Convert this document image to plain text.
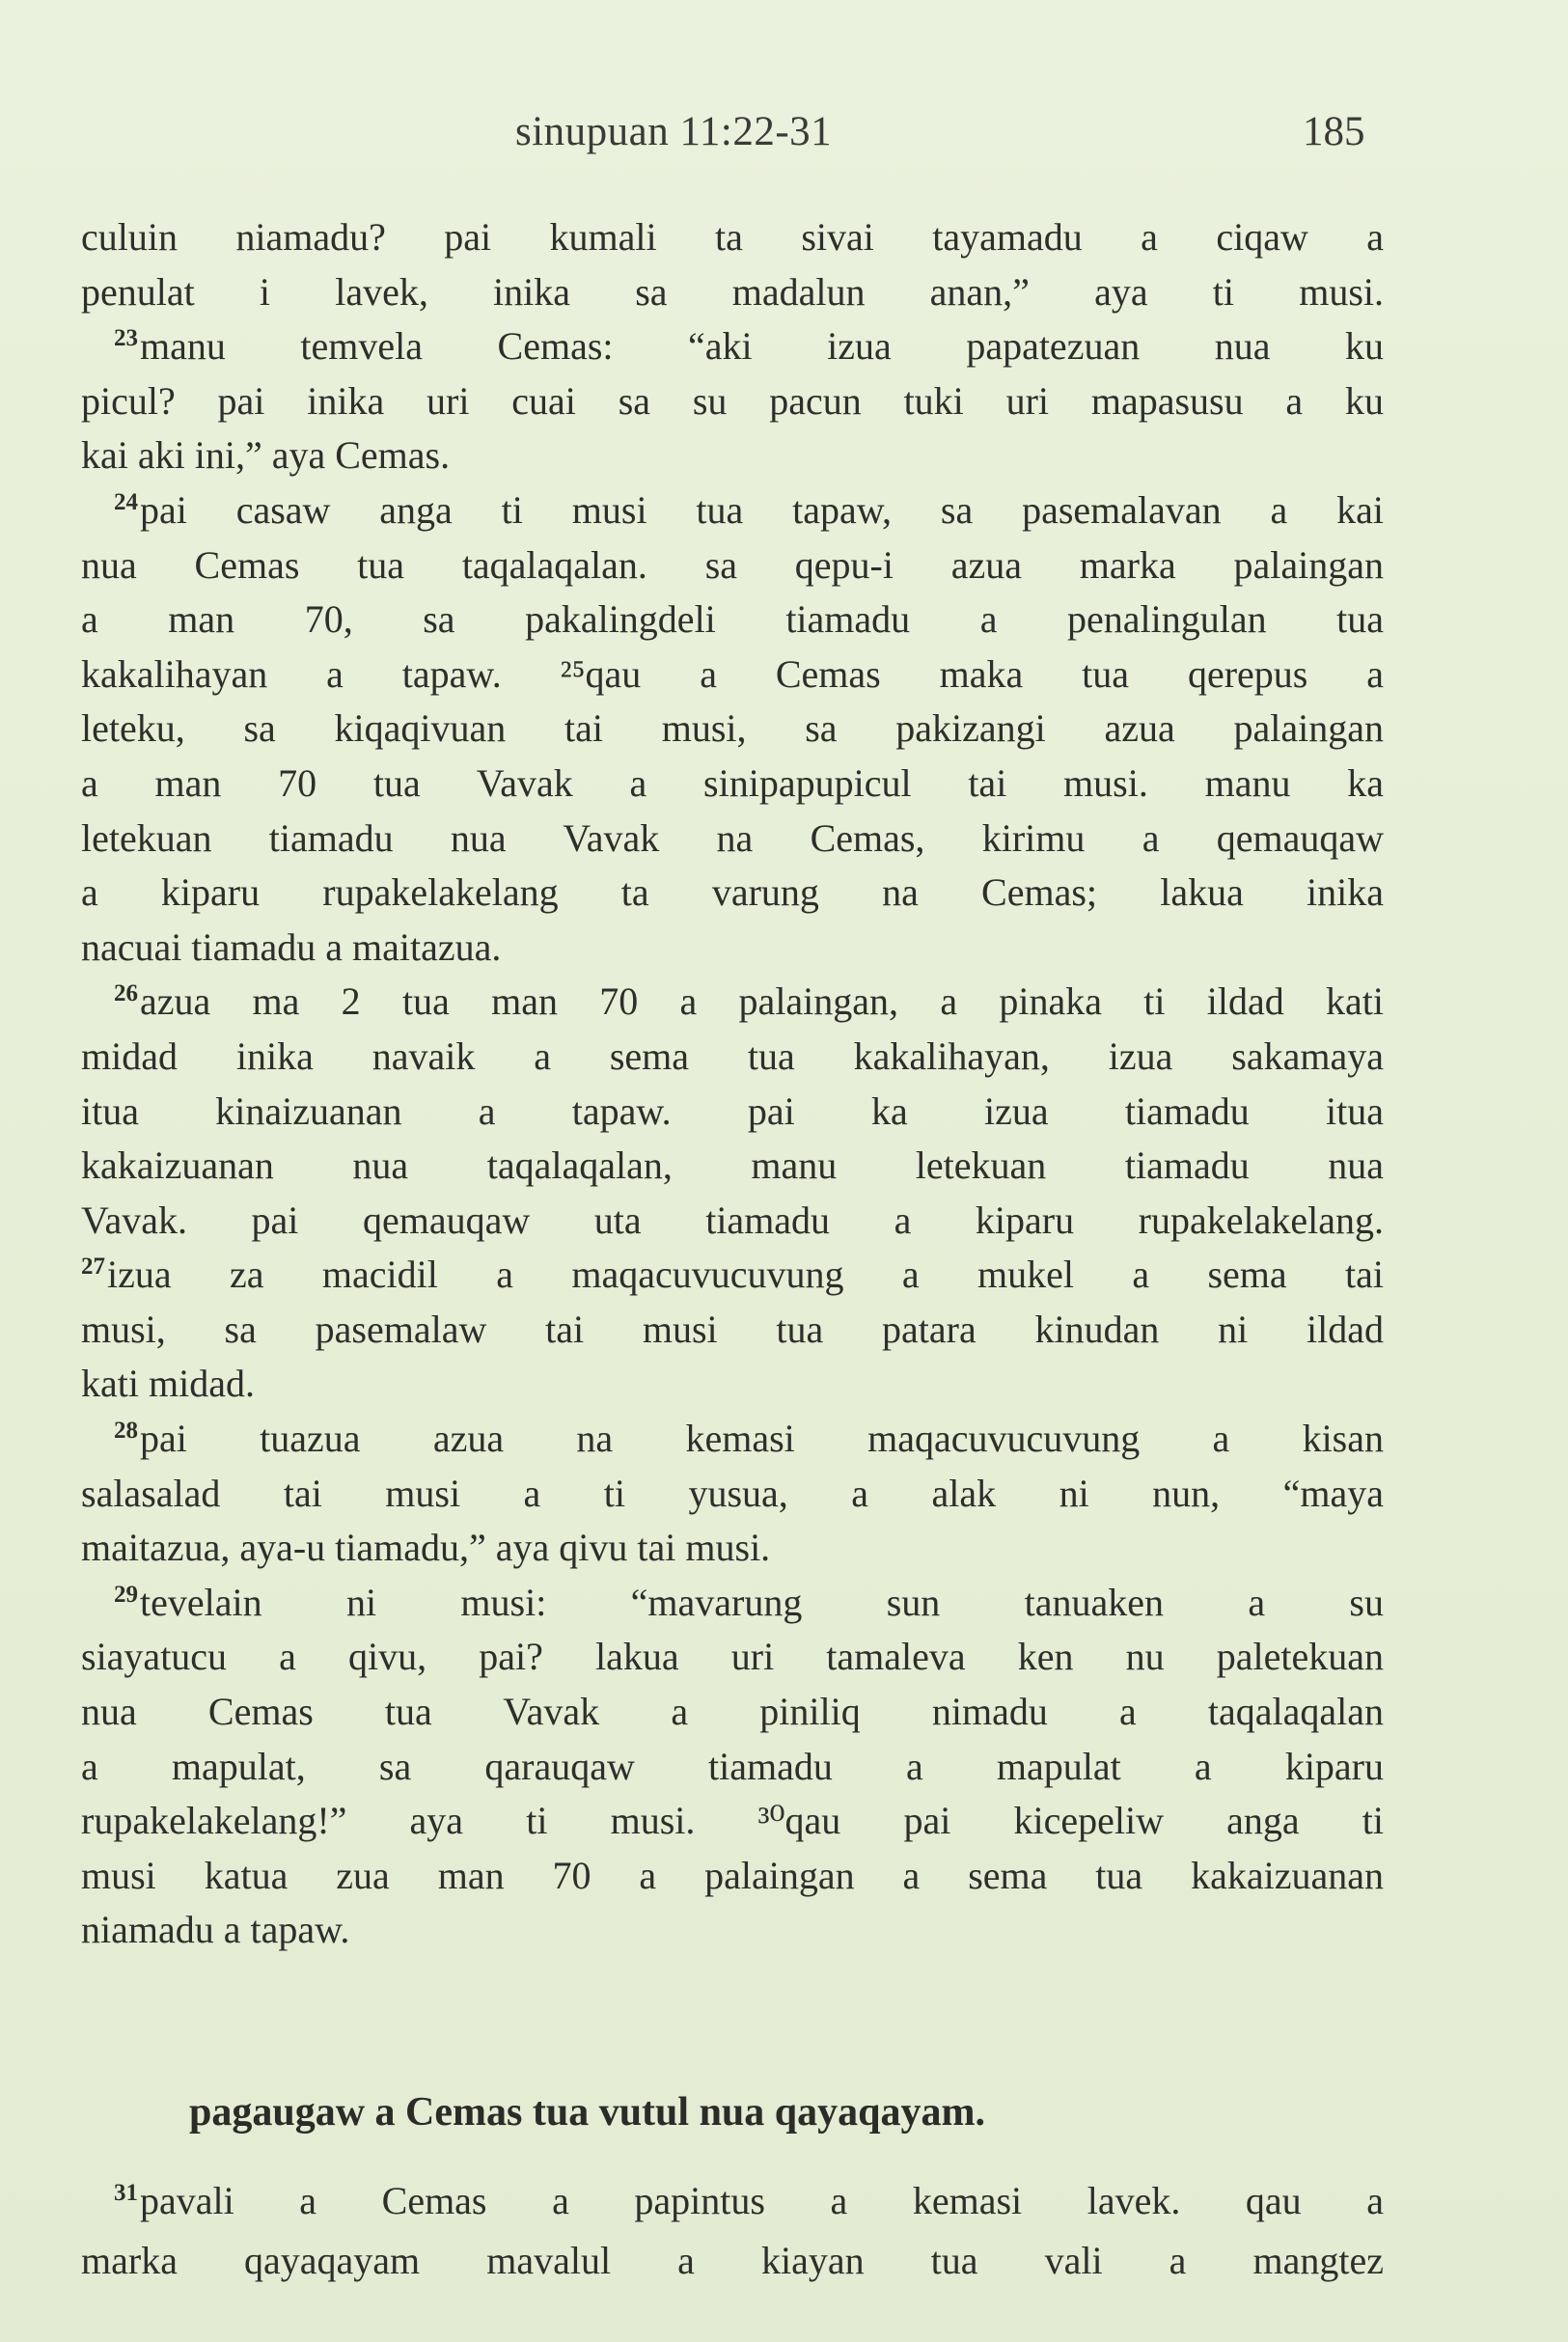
sinupuan 11:22-31	185
culuin niamadu? pai kumali ta sivai tayamadu a ciqaw a
penulat i lavek, inika sa madalun anan,” aya ti musi.
$^{23}$manu temvela Cemas: “aki izua papatezuan nua ku
picul? pai inika uri cuai sa su pacun tuki uri mapasusu a ku
kai aki ini,” aya Cemas.
$^{24}$pai casaw anga ti musi tua tapaw, sa pasemalavan a kai
nua Cemas tua taqalaqalan. sa qepu-i azua marka palaingan
a man 70, sa pakalingdeli tiamadu a penalingulan tua
kakalihayan a tapaw. ²⁵qau a Cemas maka tua qerepus a
leteku, sa kiqaqivuan tai musi, sa pakizangi azua palaingan
a man 70 tua Vavak a sinipapupicul tai musi. manu ka
letekuan tiamadu nua Vavak na Cemas, kirimu a qemauqaw
a kiparu rupakelakelang ta varung na Cemas; lakua inika
nacuai tiamadu a maitazua.
$^{26}$azua ma 2 tua man 70 a palaingan, a pinaka ti ildad kati
midad inika navaik a sema tua kakalihayan, izua sakamaya
itua kinaizuanan a tapaw. pai ka izua tiamadu itua
kakaizuanan nua taqalaqalan, manu letekuan tiamadu nua
Vavak. pai qemauqaw uta tiamadu a kiparu rupakelakelang.
$^{27}$izua za macidil a maqacuvucuvung a mukel a sema tai
musi, sa pasemalaw tai musi tua patara kinudan ni ildad
kati midad.
$^{28}$pai tuazua azua na kemasi maqacuvucuvung a kisan
salasalad tai musi a ti yusua, a alak ni nun, “maya
maitazua, aya-u tiamadu,” aya qivu tai musi.
$^{29}$tevelain ni musi: “mavarung sun tanuaken a su
siayatucu a qivu, pai? lakua uri tamaleva ken nu paletekuan
nua Cemas tua Vavak a piniliq nimadu a taqalaqalan
a mapulat, sa qarauqaw tiamadu a mapulat a kiparu
rupakelakelang!” aya ti musi. ³⁰qau pai kicepeliw anga ti
musi katua zua man 70 a palaingan a sema tua kakaizuanan
niamadu a tapaw.
pagaugaw a Cemas tua vutul nua qayaqayam.
$^{31}$pavali a Cemas a papintus a kemasi lavek. qau a
marka qayaqayam mavalul a kiayan tua vali a mangtez
